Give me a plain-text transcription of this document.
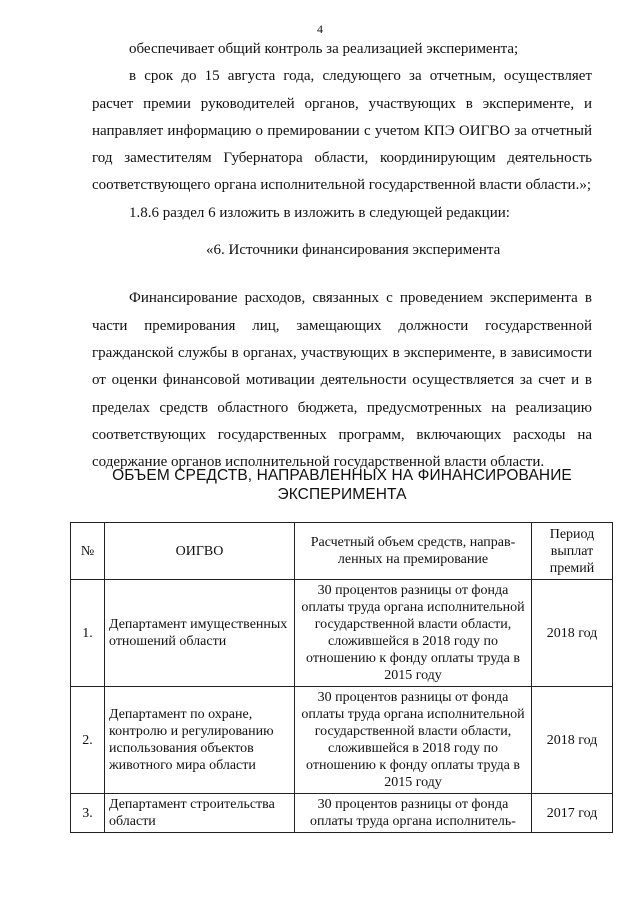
4

обеспечивает общий контроль за реализацией эксперимента;

в срок до 15 августа года, следующего за отчетным, осуществляет расчет премии руководителей органов, участвующих в эксперименте, и направляет информацию о премировании с учетом КПЭ ОИГВО за отчетный год заместителям Губернатора области, координирующим деятельность соответствующего органа исполнительной государственной власти области.»;

1.8.6 раздел 6 изложить в изложить в следующей редакции:

«6. Источники финансирования эксперимента

Финансирование расходов, связанных с проведением эксперимента в части премирования лиц, замещающих должности государственной гражданской службы в органах, участвующих в эксперименте, в зависимости от оценки финансовой мотивации деятельности осуществляется за счет и в пределах средств областного бюджета, предусмотренных на реализацию соответствующих государственных программ, включающих расходы на содержание органов исполнительной государственной власти области.

ОБЪЕМ СРЕДСТВ, НАПРАВЛЕННЫХ НА ФИНАНСИРОВАНИЕ ЭКСПЕРИМЕНТА
№	ОИГВО	Расчетный объем средств, направленных на премирование	Период выплат премий
1.	Департамент имущественных отношений области	30 процентов разницы от фонда оплаты труда органа исполнительной государственной власти области, сложившейся в 2018 году по отношению к фонду оплаты труда в 2015 году	2018 год
2.	Департамент по охране, контролю и регулированию использования объектов животного мира области	30 процентов разницы от фонда оплаты труда органа исполнительной государственной власти области, сложившейся в 2018 году по отношению к фонду оплаты труда в 2015 году	2018 год
3.	Департамент строительства области	30 процентов разницы от фонда оплаты труда органа исполнитель-	2017 год
